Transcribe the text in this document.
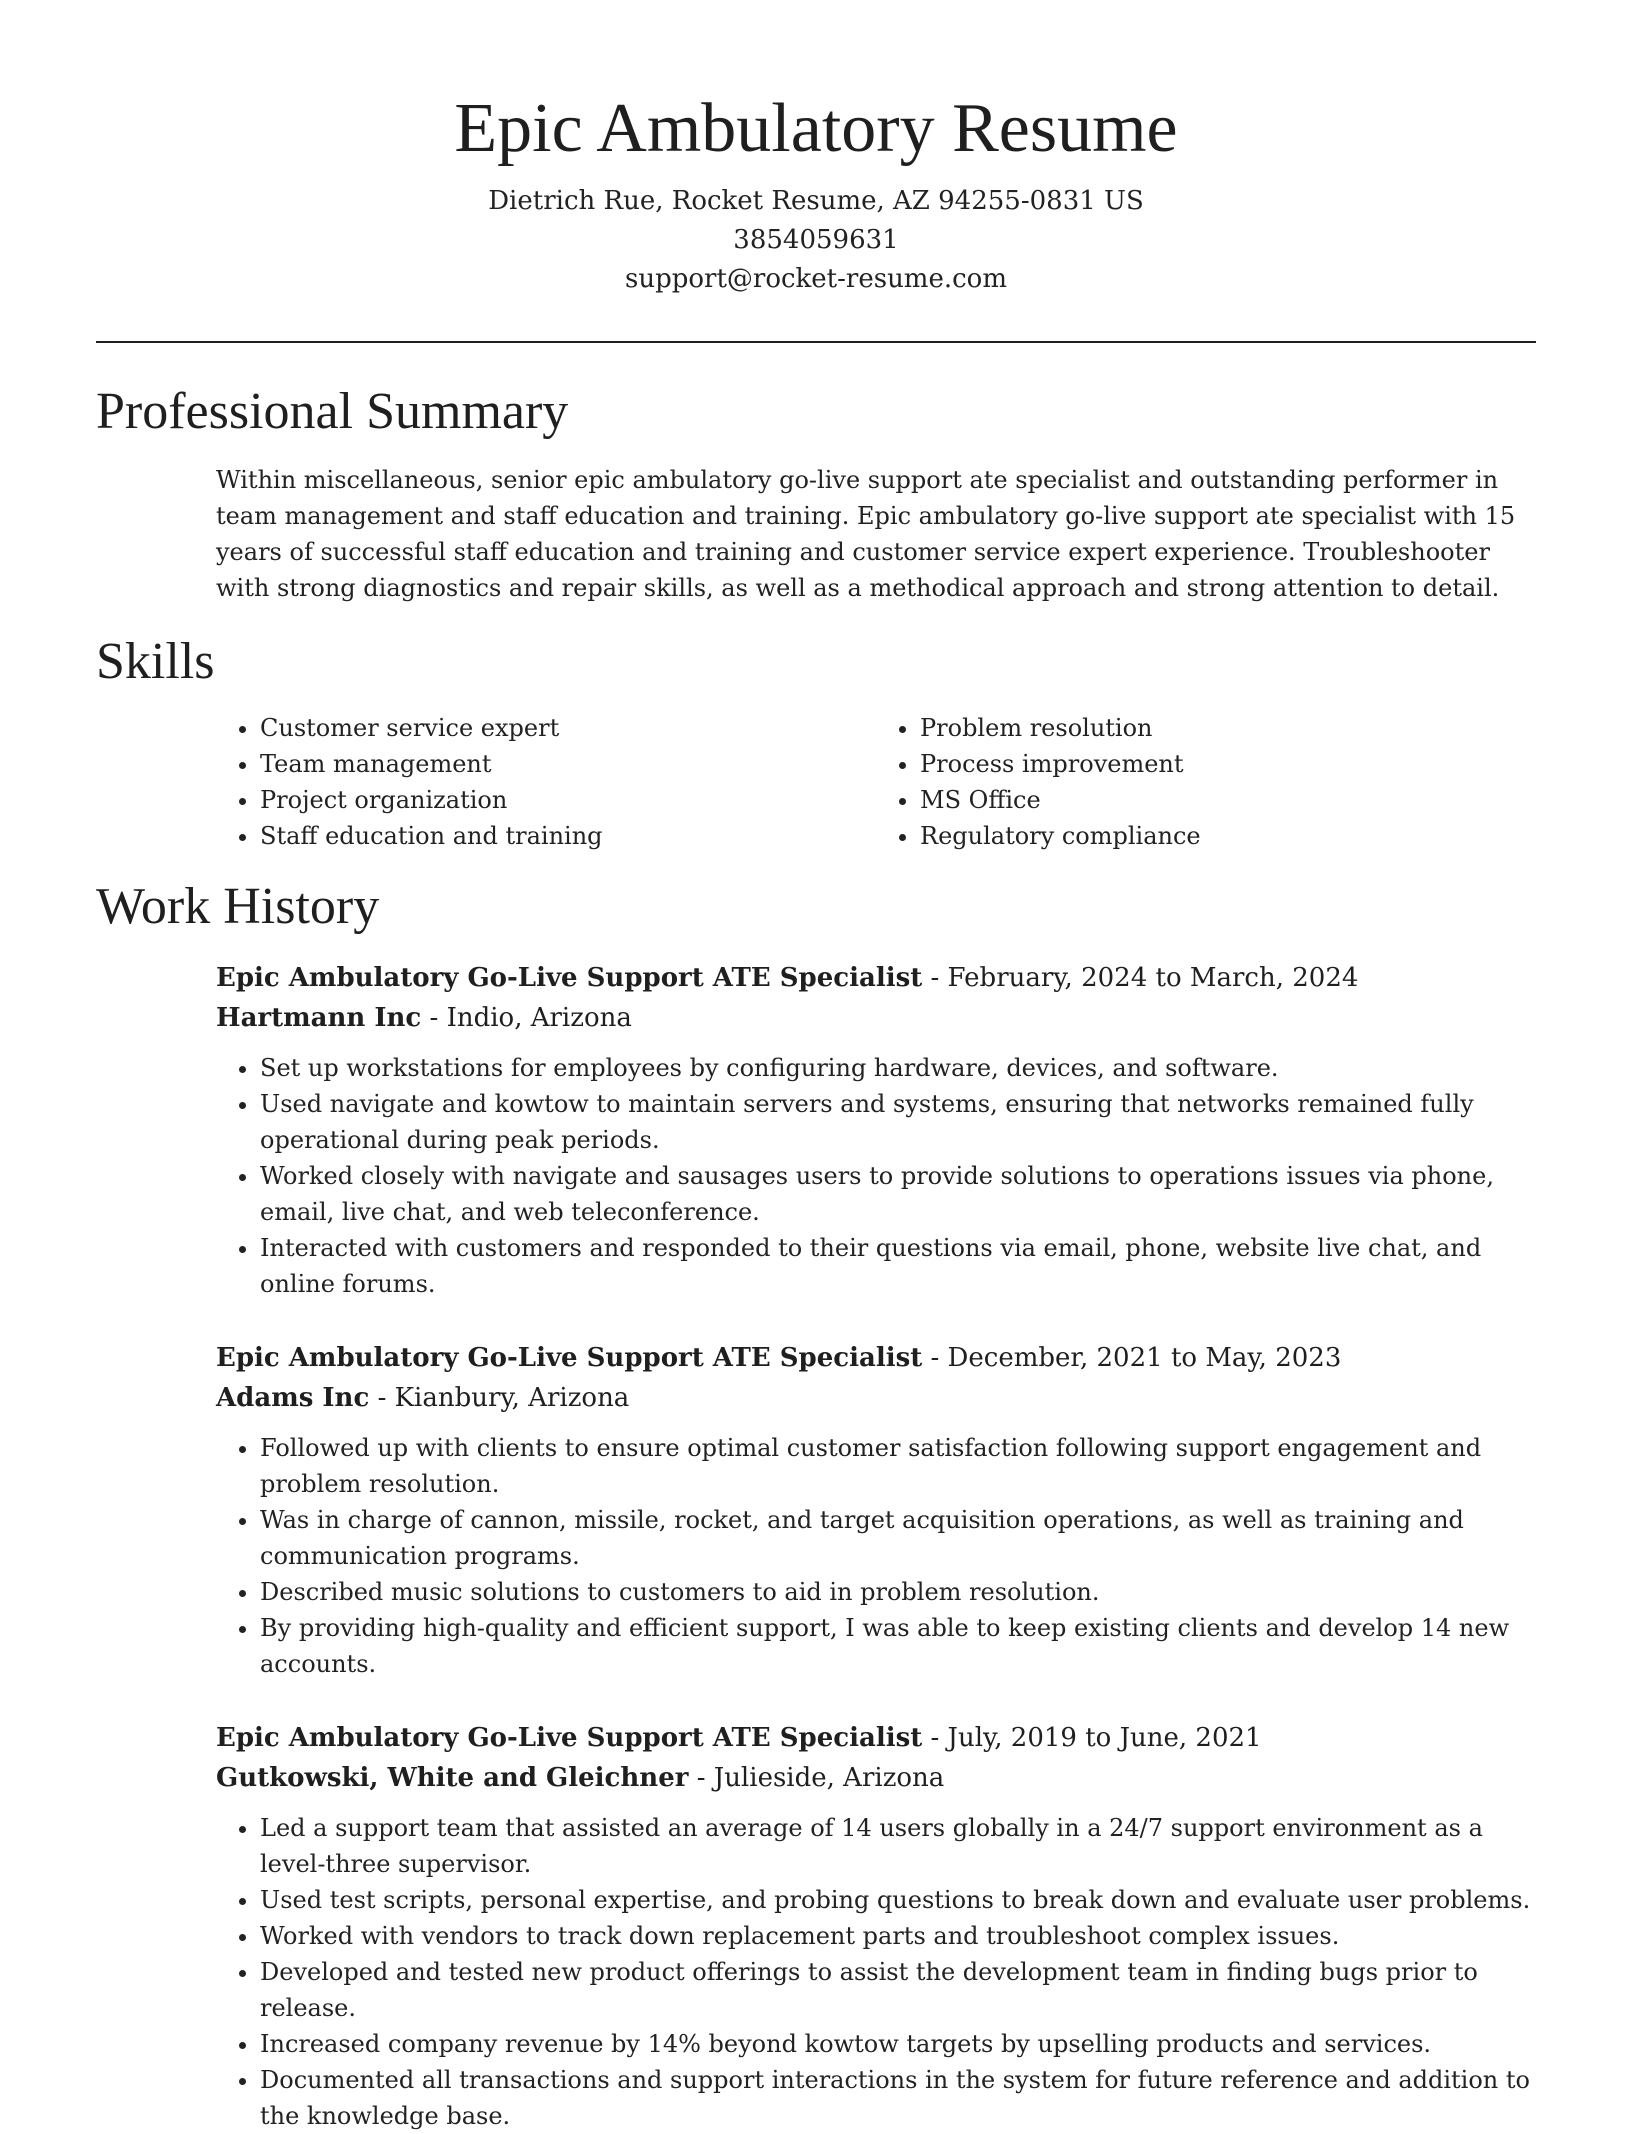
Epic Ambulatory Resume
Dietrich Rue, Rocket Resume, AZ 94255-0831 US
3854059631
support@rocket-resume.com
Professional Summary

Within miscellaneous, senior epic ambulatory go-live support ate specialist and outstanding performer in team management and staff education and training. Epic ambulatory go-live support ate specialist with 15 years of successful staff education and training and customer service expert experience. Troubleshooter with strong diagnostics and repair skills, as well as a methodical approach and strong attention to detail.

Skills
• Customer service expert
• Team management
• Project organization
• Staff education and training
• Problem resolution
• Process improvement
• MS Office
• Regulatory compliance
Work History
Epic Ambulatory Go-Live Support ATE Specialist - February, 2024 to March, 2024
Hartmann Inc - Indio, Arizona
• Set up workstations for employees by configuring hardware, devices, and software.
• Used navigate and kowtow to maintain servers and systems, ensuring that networks remained fully operational during peak periods.
• Worked closely with navigate and sausages users to provide solutions to operations issues via phone, email, live chat, and web teleconference.
• Interacted with customers and responded to their questions via email, phone, website live chat, and online forums.
Epic Ambulatory Go-Live Support ATE Specialist - December, 2021 to May, 2023
Adams Inc - Kianbury, Arizona
• Followed up with clients to ensure optimal customer satisfaction following support engagement and problem resolution.
• Was in charge of cannon, missile, rocket, and target acquisition operations, as well as training and communication programs.
• Described music solutions to customers to aid in problem resolution.
• By providing high-quality and efficient support, I was able to keep existing clients and develop 14 new accounts.
Epic Ambulatory Go-Live Support ATE Specialist - July, 2019 to June, 2021
Gutkowski, White and Gleichner - Julieside, Arizona
• Led a support team that assisted an average of 14 users globally in a 24/7 support environment as a level-three supervisor.
• Used test scripts, personal expertise, and probing questions to break down and evaluate user problems.
• Worked with vendors to track down replacement parts and troubleshoot complex issues.
• Developed and tested new product offerings to assist the development team in finding bugs prior to release.
• Increased company revenue by 14% beyond kowtow targets by upselling products and services.
• Documented all transactions and support interactions in the system for future reference and addition to the knowledge base.
